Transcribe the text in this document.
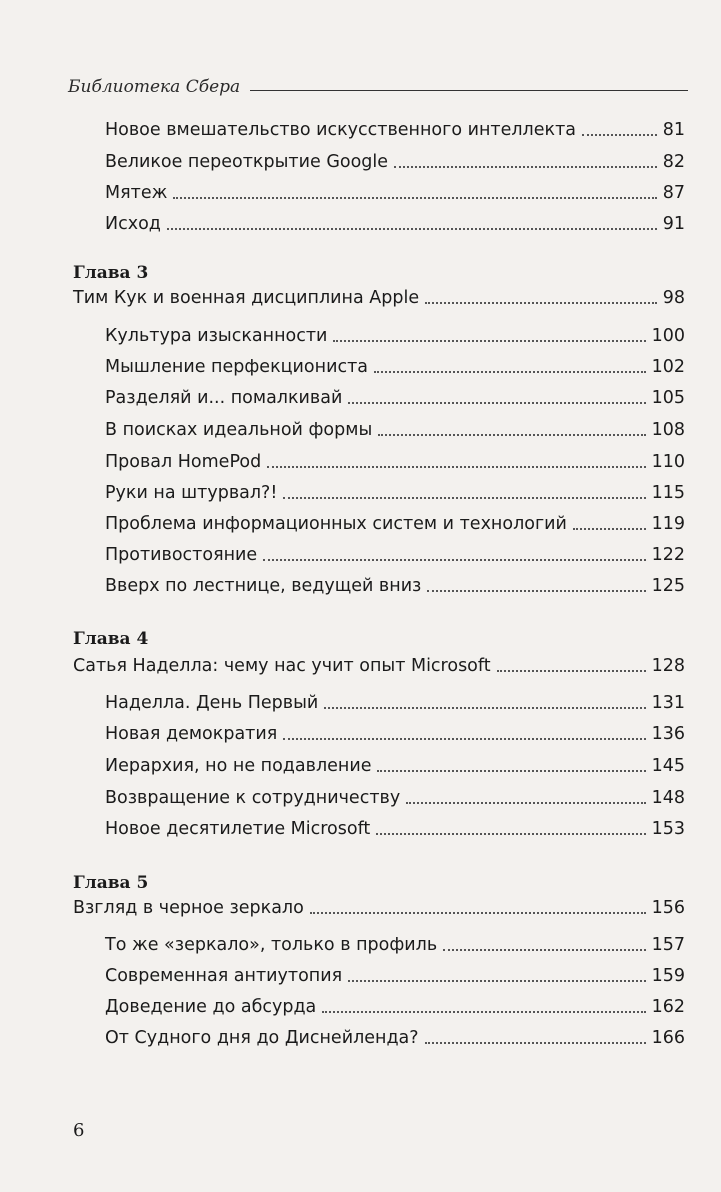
Библиотека Сбера
Новое вмешательство искусственного интеллекта	81
Великое переоткрытие Google	82
Мятеж	87
Исход	91
Глава 3
Тим Кук и военная дисциплина Apple	98
Культура изысканности	100
Мышление перфекциониста	102
Разделяй и... помалкивай	105
В поисках идеальной формы	108
Провал HomePod	110
Руки на штурвал?!	115
Проблема информационных систем и технологий	119
Противостояние	122
Вверх по лестнице, ведущей вниз	125
Глава 4
Сатья Наделла: чему нас учит опыт Microsoft	128
Наделла. День Первый	131
Новая демократия	136
Иерархия, но не подавление	145
Возвращение к сотрудничеству	148
Новое десятилетие Microsoft	153
Глава 5
Взгляд в черное зеркало	156
То же «зеркало», только в профиль	157
Современная антиутопия	159
Доведение до абсурда	162
От Судного дня до Диснейленда?	166
6
